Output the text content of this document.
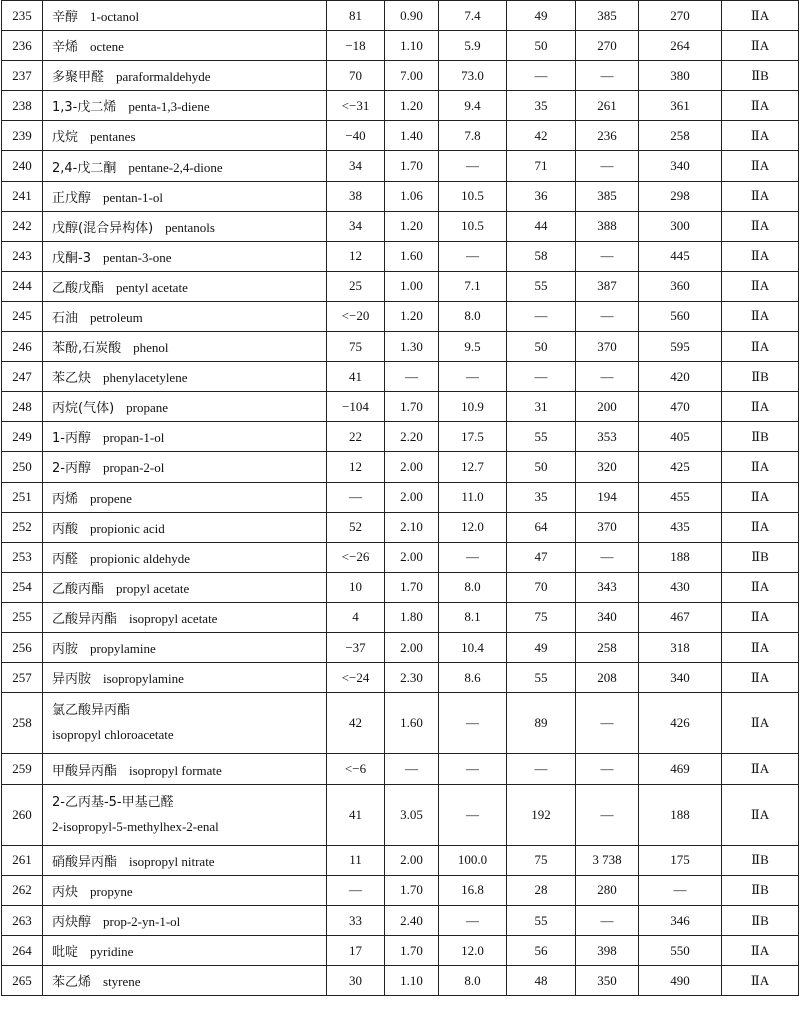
235	辛醇 1-octanol	81	0.90	7.4	49	385	270	ⅡA
236	辛烯 octene	−18	1.10	5.9	50	270	264	ⅡA
237	多聚甲醛 paraformaldehyde	70	7.00	73.0	—	—	380	ⅡB
238	1,3-戊二烯 penta-1,3-diene	<−31	1.20	9.4	35	261	361	ⅡA
239	戊烷 pentanes	−40	1.40	7.8	42	236	258	ⅡA
240	2,4-戊二酮 pentane-2,4-dione	34	1.70	—	71	—	340	ⅡA
241	正戊醇 pentan-1-ol	38	1.06	10.5	36	385	298	ⅡA
242	戊醇(混合异构体) pentanols	34	1.20	10.5	44	388	300	ⅡA
243	戊酮-3 pentan-3-one	12	1.60	—	58	—	445	ⅡA
244	乙酸戊酯 pentyl acetate	25	1.00	7.1	55	387	360	ⅡA
245	石油 petroleum	<−20	1.20	8.0	—	—	560	ⅡA
246	苯酚,石炭酸 phenol	75	1.30	9.5	50	370	595	ⅡA
247	苯乙炔 phenylacetylene	41	—	—	—	—	420	ⅡB
248	丙烷(气体) propane	−104	1.70	10.9	31	200	470	ⅡA
249	1-丙醇 propan-1-ol	22	2.20	17.5	55	353	405	ⅡB
250	2-丙醇 propan-2-ol	12	2.00	12.7	50	320	425	ⅡA
251	丙烯 propene	—	2.00	11.0	35	194	455	ⅡA
252	丙酸 propionic acid	52	2.10	12.0	64	370	435	ⅡA
253	丙醛 propionic aldehyde	<−26	2.00	—	47	—	188	ⅡB
254	乙酸丙酯 propyl acetate	10	1.70	8.0	70	343	430	ⅡA
255	乙酸异丙酯 isopropyl acetate	4	1.80	8.1	75	340	467	ⅡA
256	丙胺 propylamine	−37	2.00	10.4	49	258	318	ⅡA
257	异丙胺 isopropylamine	<−24	2.30	8.6	55	208	340	ⅡA
258	氯乙酸异丙酯
isopropyl chloroacetate	42	1.60	—	89	—	426	ⅡA
259	甲酸异丙酯 isopropyl formate	<−6	—	—	—	—	469	ⅡA
260	2-乙丙基-5-甲基己醛
2-isopropyl-5-methylhex-2-enal	41	3.05	—	192	—	188	ⅡA
261	硝酸异丙酯 isopropyl nitrate	11	2.00	100.0	75	3 738	175	ⅡB
262	丙炔 propyne	—	1.70	16.8	28	280	—	ⅡB
263	丙炔醇 prop-2-yn-1-ol	33	2.40	—	55	—	346	ⅡB
264	吡啶 pyridine	17	1.70	12.0	56	398	550	ⅡA
265	苯乙烯 styrene	30	1.10	8.0	48	350	490	ⅡA
